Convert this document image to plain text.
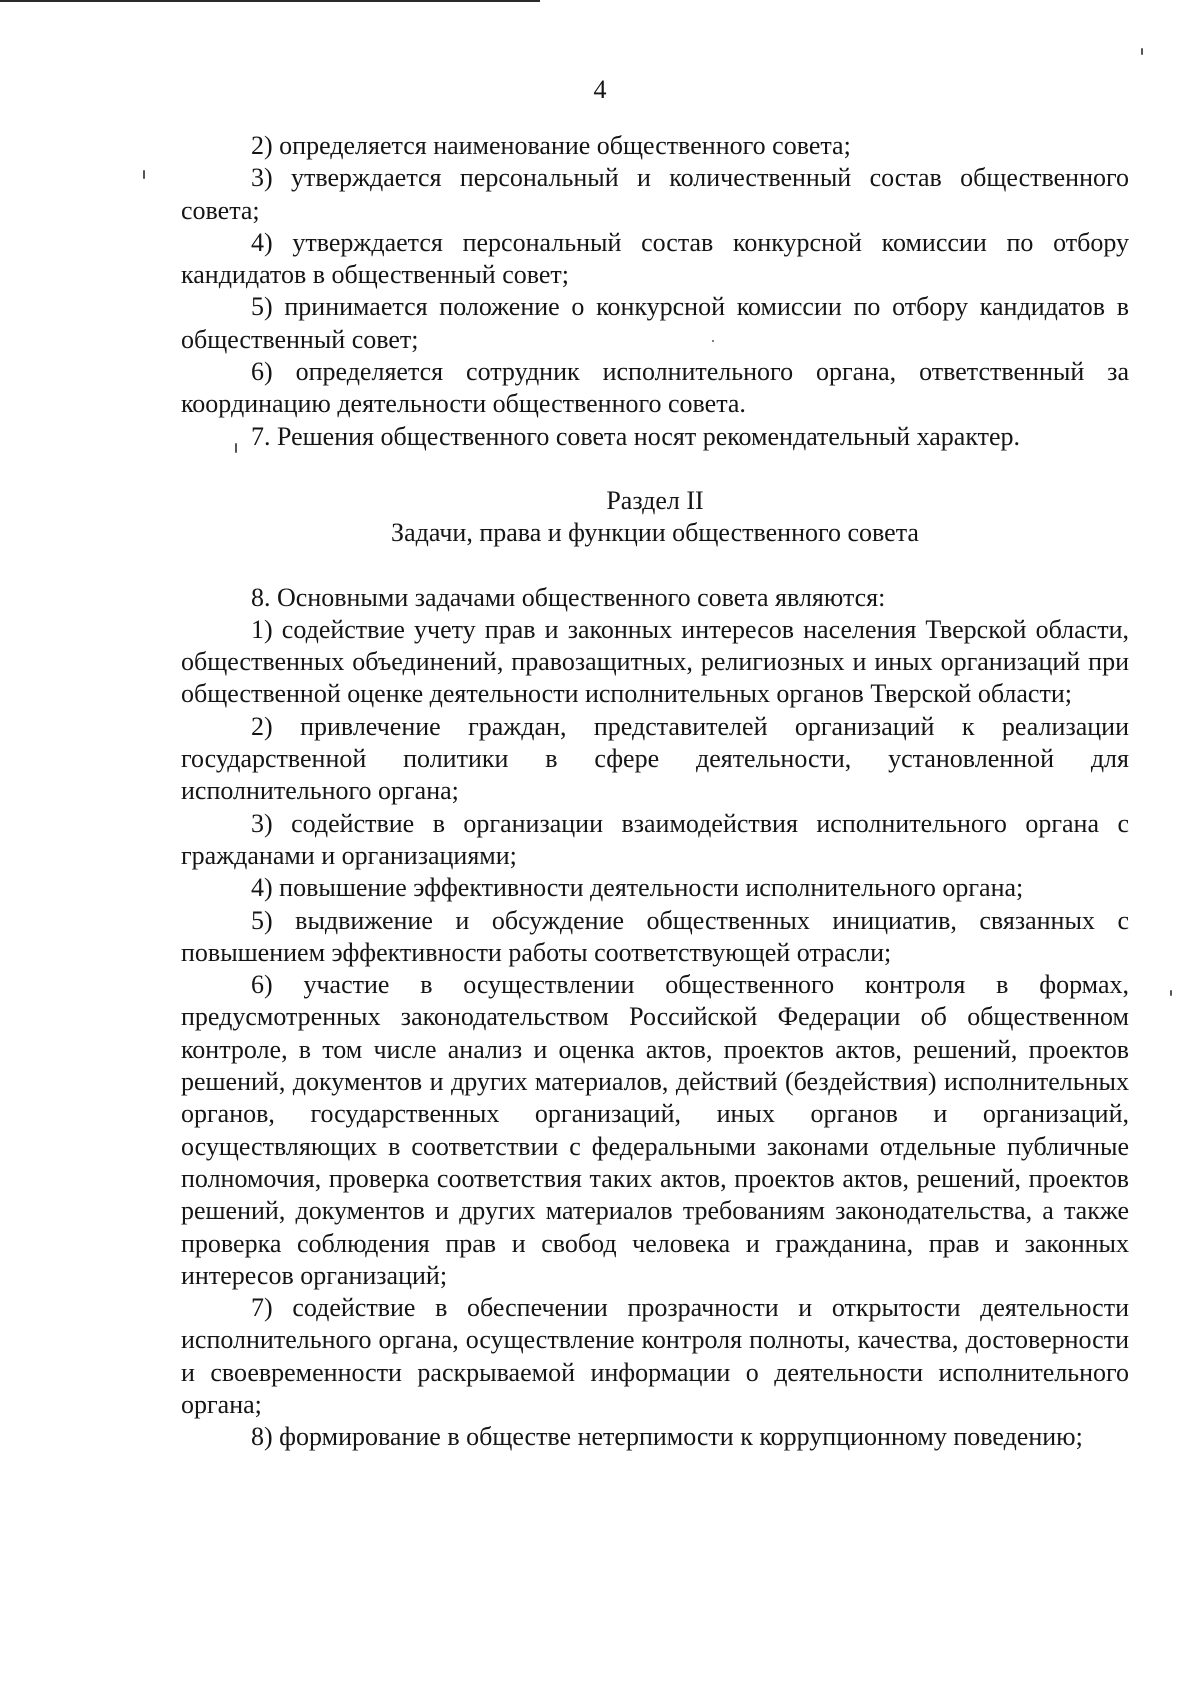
4

2) определяется наименование общественного совета;

3) утверждается персональный и количественный состав общественного совета;

4) утверждается персональный состав конкурсной комиссии по отбору кандидатов в общественный совет;

5) принимается положение о конкурсной комиссии по отбору кандидатов в общественный совет;

6) определяется сотрудник исполнительного органа, ответственный за координацию деятельности общественного совета.

7. Решения общественного совета носят рекомендательный характер.

Раздел II

Задачи, права и функции общественного совета

8. Основными задачами общественного совета являются:

1) содействие учету прав и законных интересов населения Тверской области, общественных объединений, правозащитных, религиозных и иных организаций при общественной оценке деятельности исполнительных органов Тверской области;

2) привлечение граждан, представителей организаций к реализации государственной политики в сфере деятельности, установленной для исполнительного органа;

3) содействие в организации взаимодействия исполнительного органа с гражданами и организациями;

4) повышение эффективности деятельности исполнительного органа;

5) выдвижение и обсуждение общественных инициатив, связанных с повышением эффективности работы соответствующей отрасли;

6) участие в осуществлении общественного контроля в формах, предусмотренных законодательством Российской Федерации об общественном контроле, в том числе анализ и оценка актов, проектов актов, решений, проектов решений, документов и других материалов, действий (бездействия) исполнительных органов, государственных организаций, иных органов и организаций, осуществляющих в соответствии с федеральными законами отдельные публичные полномочия, проверка соответствия таких актов, проектов актов, решений, проектов решений, документов и других материалов требованиям законодательства, а также проверка соблюдения прав и свобод человека и гражданина, прав и законных интересов организаций;

7) содействие в обеспечении прозрачности и открытости деятельности исполнительного органа, осуществление контроля полноты, качества, достоверности и своевременности раскрываемой информации о деятельности исполнительного органа;

8) формирование в обществе нетерпимости к коррупционному поведению;
